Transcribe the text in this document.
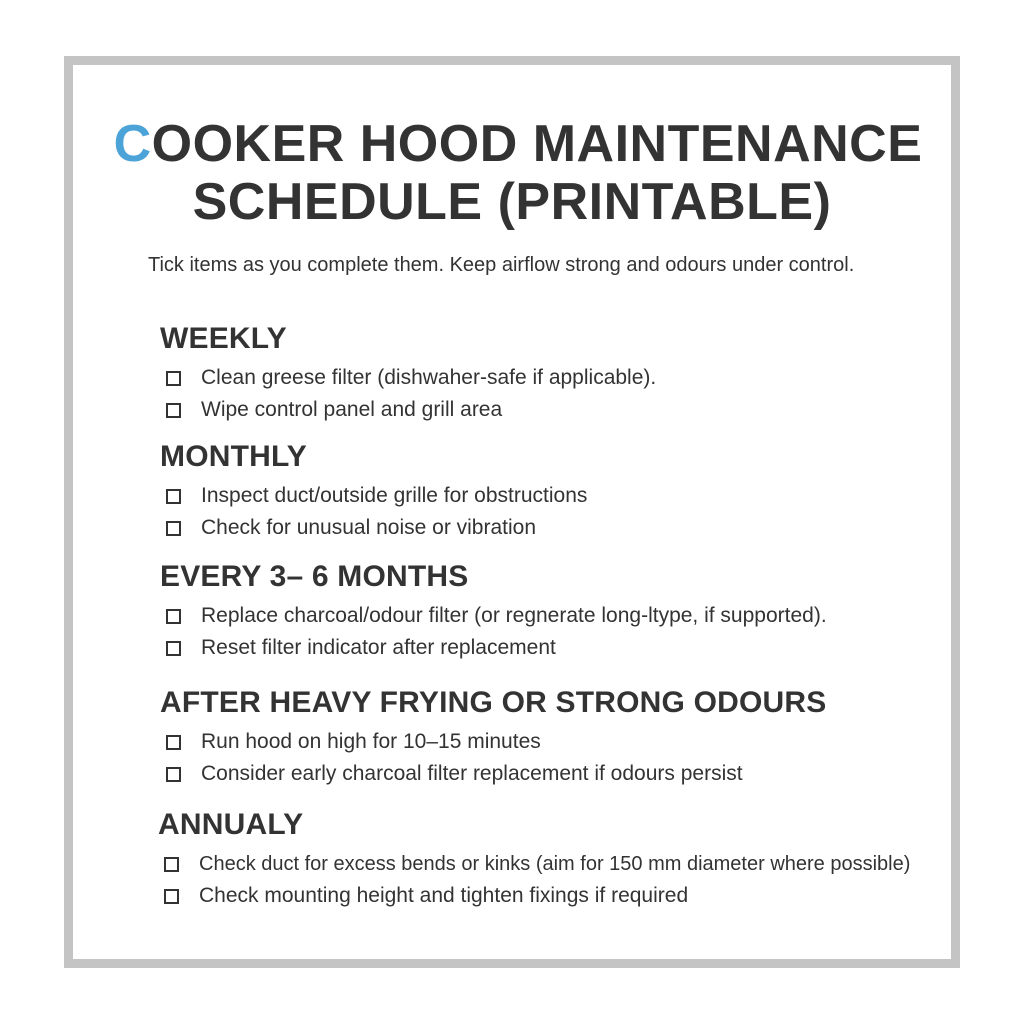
COOKER HOOD MAINTENANCE
SCHEDULE (PRINTABLE)
Tick items as you complete them. Keep airflow strong and odours under control.
WEEKLY
Clean greese filter (dishwaher-safe if applicable).
Wipe control panel and grill area
MONTHLY
Inspect duct/outside grille for obstructions
Check for unusual noise or vibration
EVERY 3– 6 MONTHS
Replace charcoal/odour filter (or regnerate long-ltype, if supported).
Reset filter indicator after replacement
AFTER HEAVY FRYING OR STRONG ODOURS
Run hood on high for 10–15 minutes
Consider early charcoal filter replacement if odours persist
ANNUALY
Check duct for excess bends or kinks (aim for 150 mm diameter where possible)
Check mounting height and tighten fixings if required
